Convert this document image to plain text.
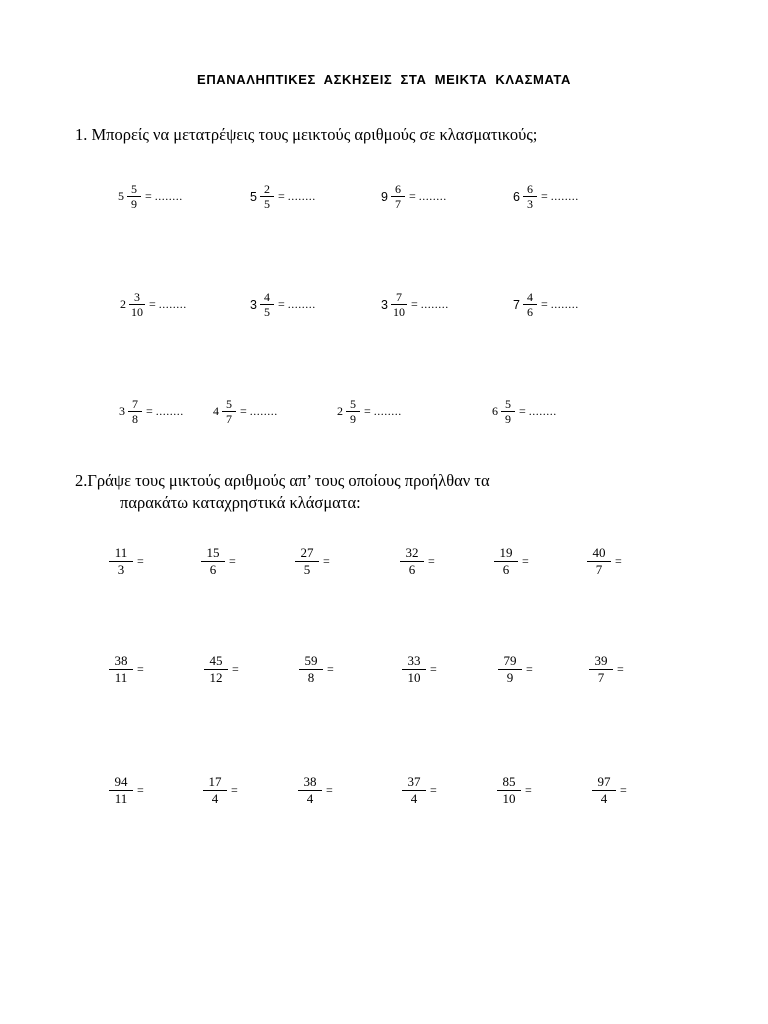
ΕΠΑΝΑΛΗΠΤΙΚΕΣ ΑΣΚΗΣΕΙΣ ΣΤΑ ΜΕΙΚΤΑ ΚΛΑΣΜΑΤΑ
1. Μπορείς να μετατρέψεις τους μεικτούς αριθμούς σε κλασματικούς;
$5 \frac{5}{9}$ = ........	$5 \frac{2}{5}$ = ........	$9 \frac{6}{7}$ = ........	$6 \frac{6}{3}$ = ........
$2 \frac{3}{10}$ = ........	$3 \frac{4}{5}$ = ........	$3 \frac{7}{10}$ = ........	$7 \frac{4}{6}$ = ........
$3 \frac{7}{8}$ = ........ $4 \frac{5}{7}$ = ........	$2 \frac{5}{9}$ = ........	$6 \frac{5}{9}$ = ........
2.Γράψε τους μικτούς αριθμούς απ’ τους οποίους προήλθαν τα
παρακάτω καταχρηστικά κλάσματα:
$\frac{11}{3}$ =	$\frac{15}{6}$ =	$\frac{27}{5}$ =	$\frac{32}{6}$ =	$\frac{19}{6}$ =	$\frac{40}{7}$ =
$\frac{38}{11}$ =	$\frac{45}{12}$ =	$\frac{59}{8}$ =	$\frac{33}{10}$ =	$\frac{79}{9}$ =	$\frac{39}{7}$ =
$\frac{94}{11}$ =	$\frac{17}{4}$ =	$\frac{38}{4}$ =	$\frac{37}{4}$ =	$\frac{85}{10}$ =	$\frac{97}{4}$ =
